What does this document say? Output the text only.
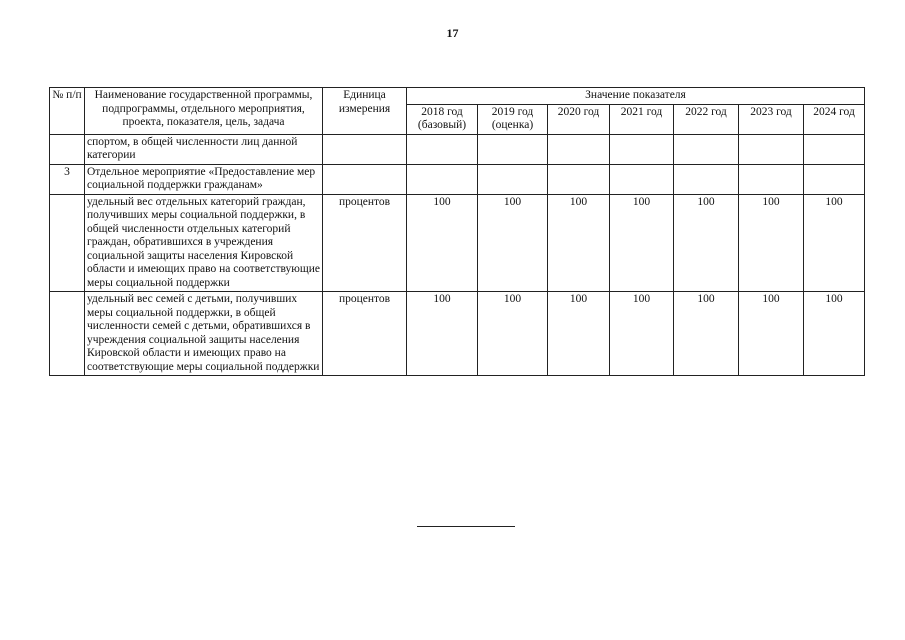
17
№ п/п	Наименование государственной программы, подпрограммы, отдельного мероприятия, проекта, показателя, цель, задача	Единица измерения	Значение показателя						
			2018 год (базовый)	2019 год (оценка)	2020 год	2021 год	2022 год	2023 год	2024 год
	спортом, в общей численности лиц данной категории								
3	Отдельное мероприятие «Предоставление мер социальной поддержки гражданам»								
	удельный вес отдельных категорий граждан, получивших меры социальной поддержки, в общей численности отдельных категорий граждан, обратившихся в учреждения социальной защиты населения Кировской области и имеющих право на соответствующие меры социальной поддержки	процентов	100	100	100	100	100	100	100
	удельный вес семей с детьми, получивших меры социальной поддержки, в общей численности семей с детьми, обратившихся в учреждения социальной защиты населения Кировской области и имеющих право на соответствующие меры социальной поддержки	процентов	100	100	100	100	100	100	100
